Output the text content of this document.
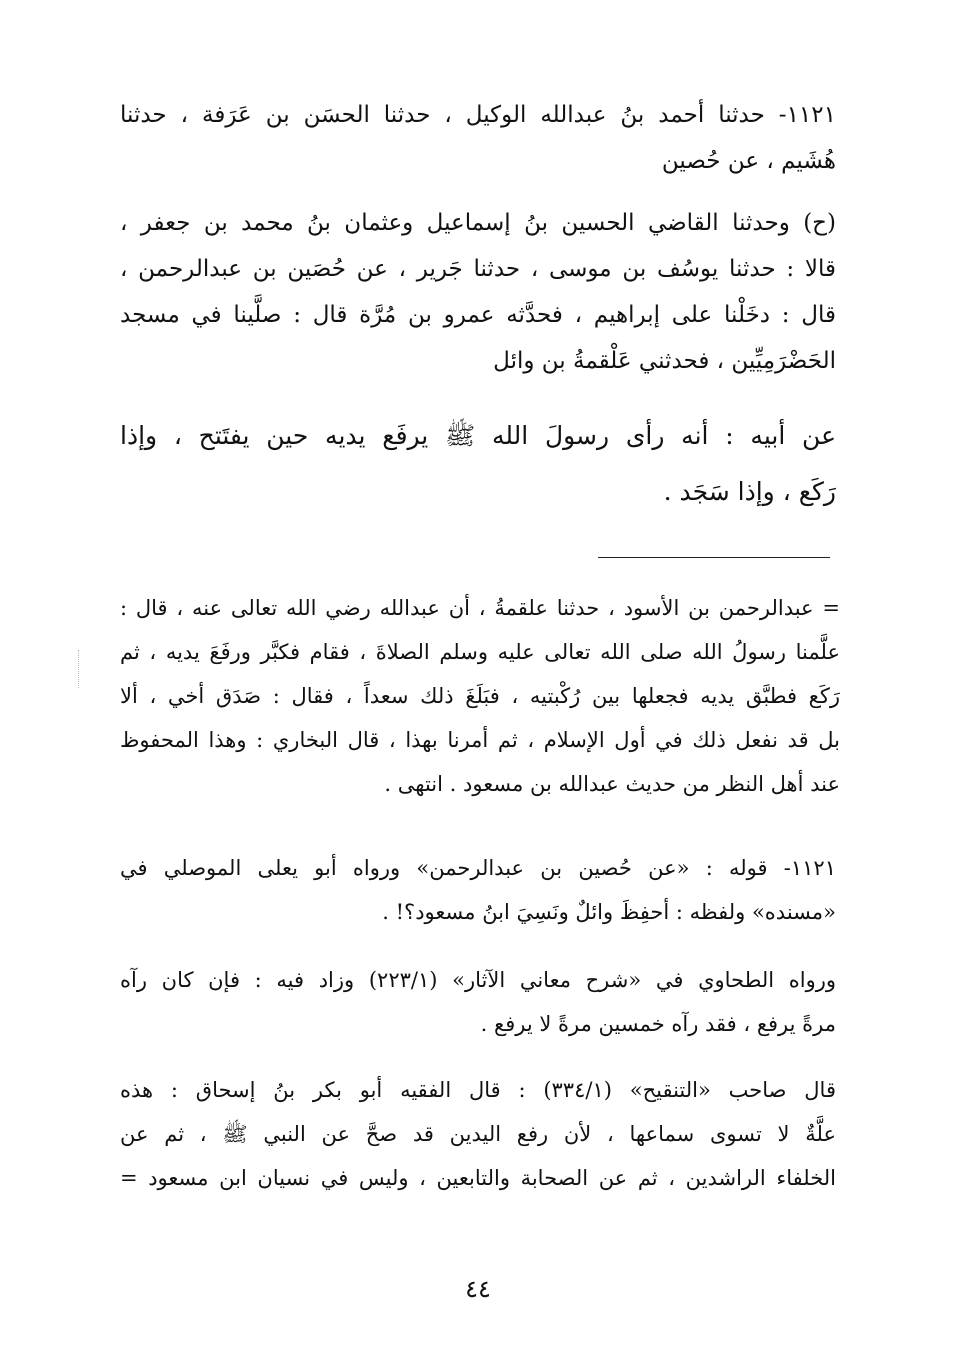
١١٢١- حدثنا أحمد بنُ عبدالله الوكيل ، حدثنا الحسَن بن عَرَفة ، حدثنا
هُشَيم ، عن حُصين
(ح) وحدثنا القاضي الحسين بنُ إسماعيل وعثمان بنُ محمد بن جعفر ،
قالا : حدثنا يوسُف بن موسى ، حدثنا جَرير ، عن حُصَين بن عبدالرحمن ،
قال : دخَلْنا على إبراهيم ، فحدَّثه عمرو بن مُرَّة قال : صلَّينا في مسجد
الحَضْرَمِيِّين ، فحدثني عَلْقمةُ بن وائل
عن أبيه : أنه رأى رسولَ الله ﷺ يرفَع يديه حين يفتَتح ، وإذا
رَكَع ، وإذا سَجَد .
= عبدالرحمن بن الأسود ، حدثنا علقمةُ ، أن عبدالله رضي الله تعالى عنه ، قال :
علَّمنا رسولُ الله صلى الله تعالى عليه وسلم الصلاةَ ، فقام فكبَّر ورفَعَ يديه ، ثم
رَكَع فطبَّق يديه فجعلها بين رُكْبتيه ، فبَلَغَ ذلك سعداً ، فقال : صَدَق أخي ، ألا
بل قد نفعل ذلك في أول الإسلام ، ثم أمرنا بهذا ، قال البخاري : وهذا المحفوظ
عند أهل النظر من حديث عبدالله بن مسعود . انتهى .
١١٢١- قوله : «عن حُصين بن عبدالرحمن» ورواه أبو يعلى الموصلي في
«مسنده» ولفظه : أحفِظَ وائلٌ ونَسِيَ ابنُ مسعود؟! .
ورواه الطحاوي في «شرح معاني الآثار» (٢٢٣/١) وزاد فيه : فإن كان رآه
مرةً يرفع ، فقد رآه خمسين مرةً لا يرفع .
قال صاحب «التنقيح» (٣٣٤/١) : قال الفقيه أبو بكر بنُ إسحاق : هذه
علَّةٌ لا تسوى سماعها ، لأن رفع اليدين قد صحَّ عن النبي ﷺ ، ثم عن
الخلفاء الراشدين ، ثم عن الصحابة والتابعين ، وليس في نسيان ابن مسعود =
٤٤
